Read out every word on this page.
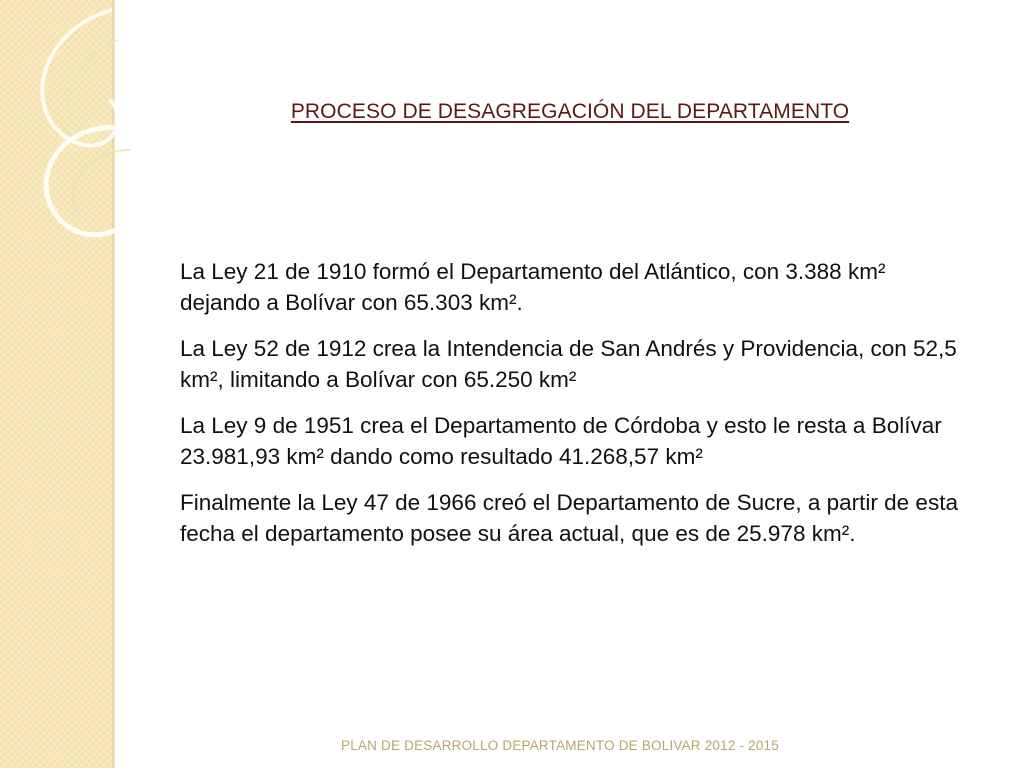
PROCESO DE DESAGREGACIÓN DEL DEPARTAMENTO
La Ley 21 de 1910 formó el Departamento del Atlántico, con 3.388 km² dejando a Bolívar con 65.303 km².
La Ley 52 de 1912 crea la Intendencia de San Andrés y Providencia, con 52,5 km², limitando a Bolívar con 65.250 km²
La Ley 9 de 1951 crea el Departamento de Córdoba y esto le resta a Bolívar 23.981,93 km² dando como resultado 41.268,57 km²
Finalmente la Ley 47 de 1966 creó el Departamento de Sucre, a partir de esta fecha el departamento posee su área actual, que es de 25.978 km².

PLAN DE DESARROLLO DEPARTAMENTO DE BOLIVAR 2012 - 2015
